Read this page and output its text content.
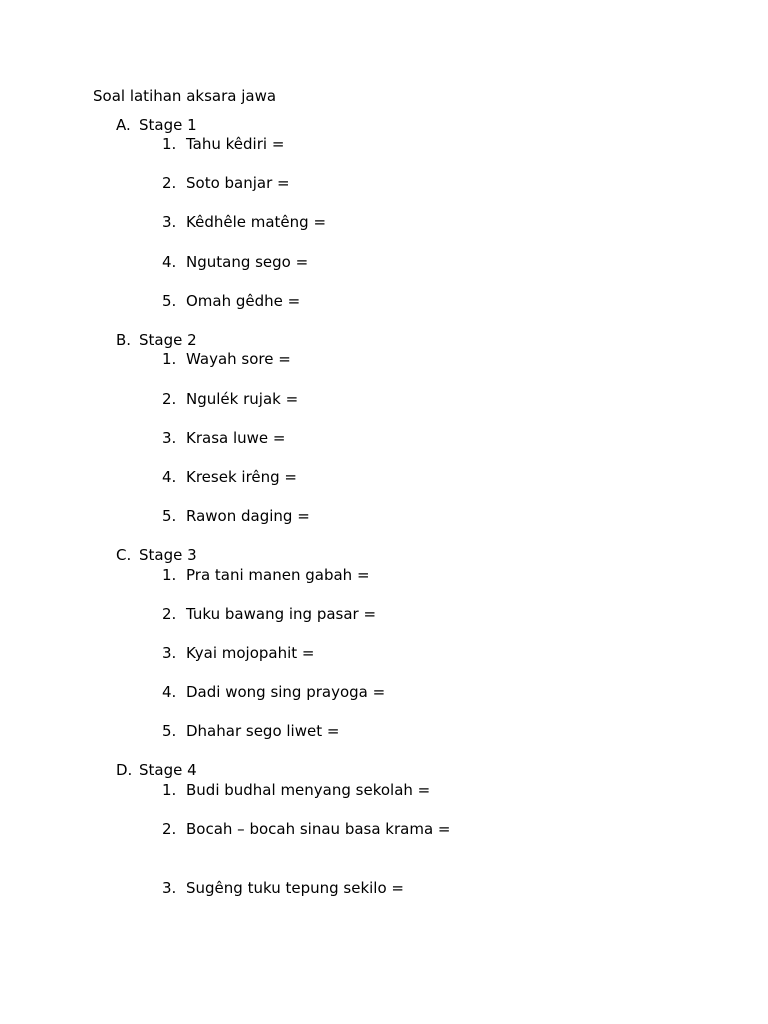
Soal latihan aksara jawa
A. Stage 1
1. Tahu kêdiri =
2. Soto banjar =
3. Kêdhêle matêng =
4. Ngutang sego =
5. Omah gêdhe =
B. Stage 2
1. Wayah sore =
2. Ngulék rujak =
3. Krasa luwe =
4. Kresek irêng =
5. Rawon daging =
C. Stage 3
1. Pra tani manen gabah =
2. Tuku bawang ing pasar =
3. Kyai mojopahit =
4. Dadi wong sing prayoga =
5. Dhahar sego liwet =
D. Stage 4
1. Budi budhal menyang sekolah =
2. Bocah – bocah sinau basa krama =
3. Sugêng tuku tepung sekilo =
